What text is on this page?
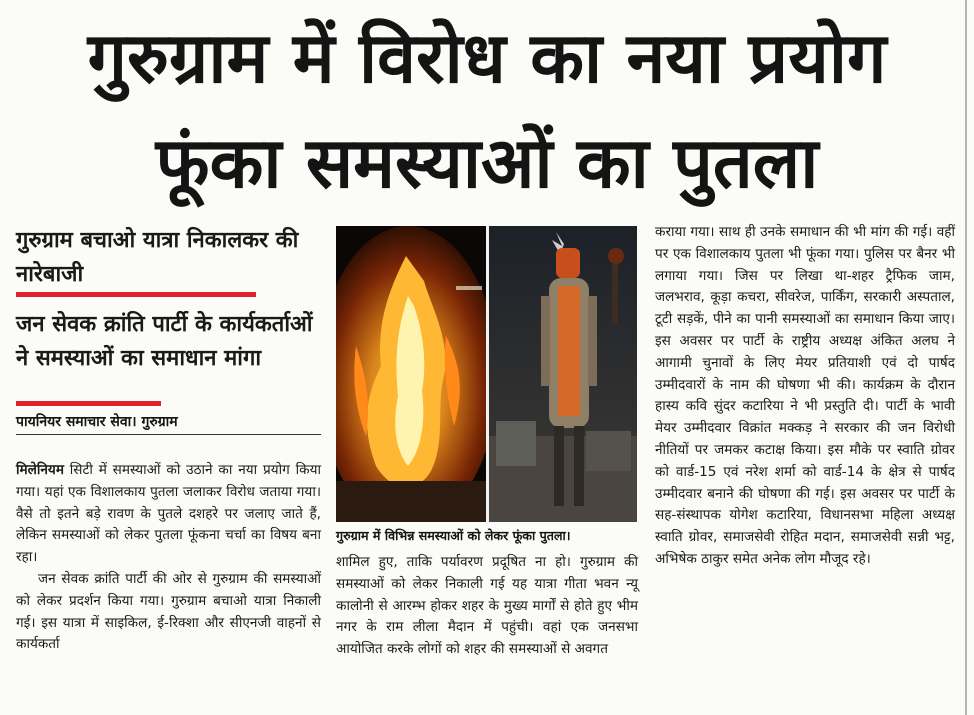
गुरुग्राम में विरोध का नया प्रयोग
फूंका समस्याओं का पुतला
गुरुग्राम बचाओ यात्रा निकालकर की नारेबाजी
जन सेवक क्रांति पार्टी के कार्यकर्ताओं ने समस्याओं का समाधान मांगा
पायनियर समाचार सेवा। गुरुग्राम

मिलेनियम सिटी में समस्याओं को उठाने का नया प्रयोग किया गया। यहां एक विशालकाय पुतला जलाकर विरोध जताया गया। वैसे तो इतने बड़े रावण के पुतले दशहरे पर जलाए जाते हैं, लेकिन समस्याओं को लेकर पुतला फूंकना चर्चा का विषय बना रहा।

जन सेवक क्रांति पार्टी की ओर से गुरुग्राम की समस्याओं को लेकर प्रदर्शन किया गया। गुरुग्राम बचाओ यात्रा निकाली गई। इस यात्रा में साइकिल, ई-रिक्शा और सीएनजी वाहनों से कार्यकर्ता

गुरुग्राम में विभिन्न समस्याओं को लेकर फूंका पुतला।

शामिल हुए, ताकि पर्यावरण प्रदूषित ना हो। गुरुग्राम की समस्याओं को लेकर निकाली गई यह यात्रा गीता भवन न्यू कालोनी से आरम्भ होकर शहर के मुख्य मार्गों से होते हुए भीम नगर के राम लीला मैदान में पहुंची। वहां एक जनसभा आयोजित करके लोगों को शहर की समस्याओं से अवगत

कराया गया। साथ ही उनके समाधान की भी मांग की गई। वहीं पर एक विशालकाय पुतला भी फूंका गया। पुलिस पर बैनर भी लगाया गया। जिस पर लिखा था-शहर ट्रैफिक जाम, जलभराव, कूड़ा कचरा, सीवरेज, पार्किंग, सरकारी अस्पताल, टूटी सड़कें, पीने का पानी समस्याओं का समाधान किया जाए। इस अवसर पर पार्टी के राष्ट्रीय अध्यक्ष अंकित अलघ ने आगामी चुनावों के लिए मेयर प्रतियाशी एवं दो पार्षद उम्मीदवारों के नाम की घोषणा भी की। कार्यक्रम के दौरान हास्य कवि सुंदर कटारिया ने भी प्रस्तुति दी। पार्टी के भावी मेयर उम्मीदवार विक्रांत मक्कड़ ने सरकार की जन विरोधी नीतियों पर जमकर कटाक्ष किया। इस मौके पर स्वाति ग्रोवर को वार्ड-15 एवं नरेश शर्मा को वार्ड-14 के क्षेत्र से पार्षद उम्मीदवार बनाने की घोषणा की गई। इस अवसर पर पार्टी के सह-संस्थापक योगेश कटारिया, विधानसभा महिला अध्यक्ष स्वाति ग्रोवर, समाजसेवी रोहित मदान, समाजसेवी सन्नी भट्ट, अभिषेक ठाकुर समेत अनेक लोग मौजूद रहे।
